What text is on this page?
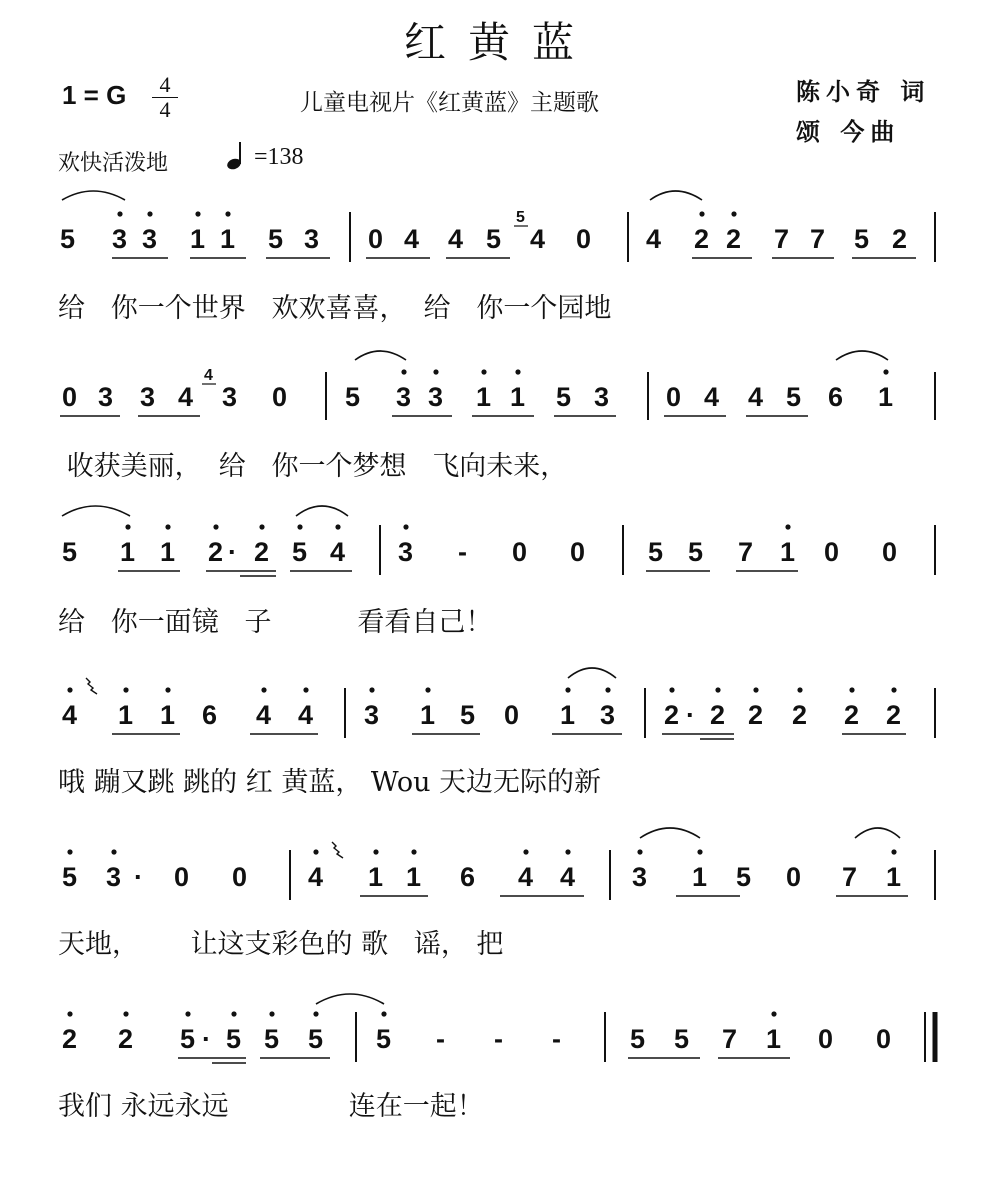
红黄蓝
1 = G	4
4	儿童电视片《红黄蓝》主题歌	陈小奇 词
颂 今曲
欢快活泼地	=138
5 3 3 1 1 5 3 0 4 4 5 4 0 4 2 2 7 7 5 2
0 3 3 4 3 0 5 3 3 1 1 5 3 0 4 4 5 6 1
5 1 1 2 · 2 5 4 3 - 0 0 5 5 7 1 0 0
4 1 1 6 4 4 3 1 5 0 1 3 2 · 2 2 2 2 2
5 3 · 0 0 4 1 1 6 4 4 3 1 5 0 7 1
2 2 5 · 5 5 5 5 - - -	5 5 7 1 0 0
5
4
给   你一个世界   欢欢喜喜，  给   你一个园地
收获美丽，  给   你一个梦想   飞向未来，
给   你一面镜   子          看看自己！
哦 蹦又跳 跳的 红 黄蓝， Wou 天边无际的新
天地，      让这支彩色的 歌   谣， 把
我们 永远永远              连在一起！
